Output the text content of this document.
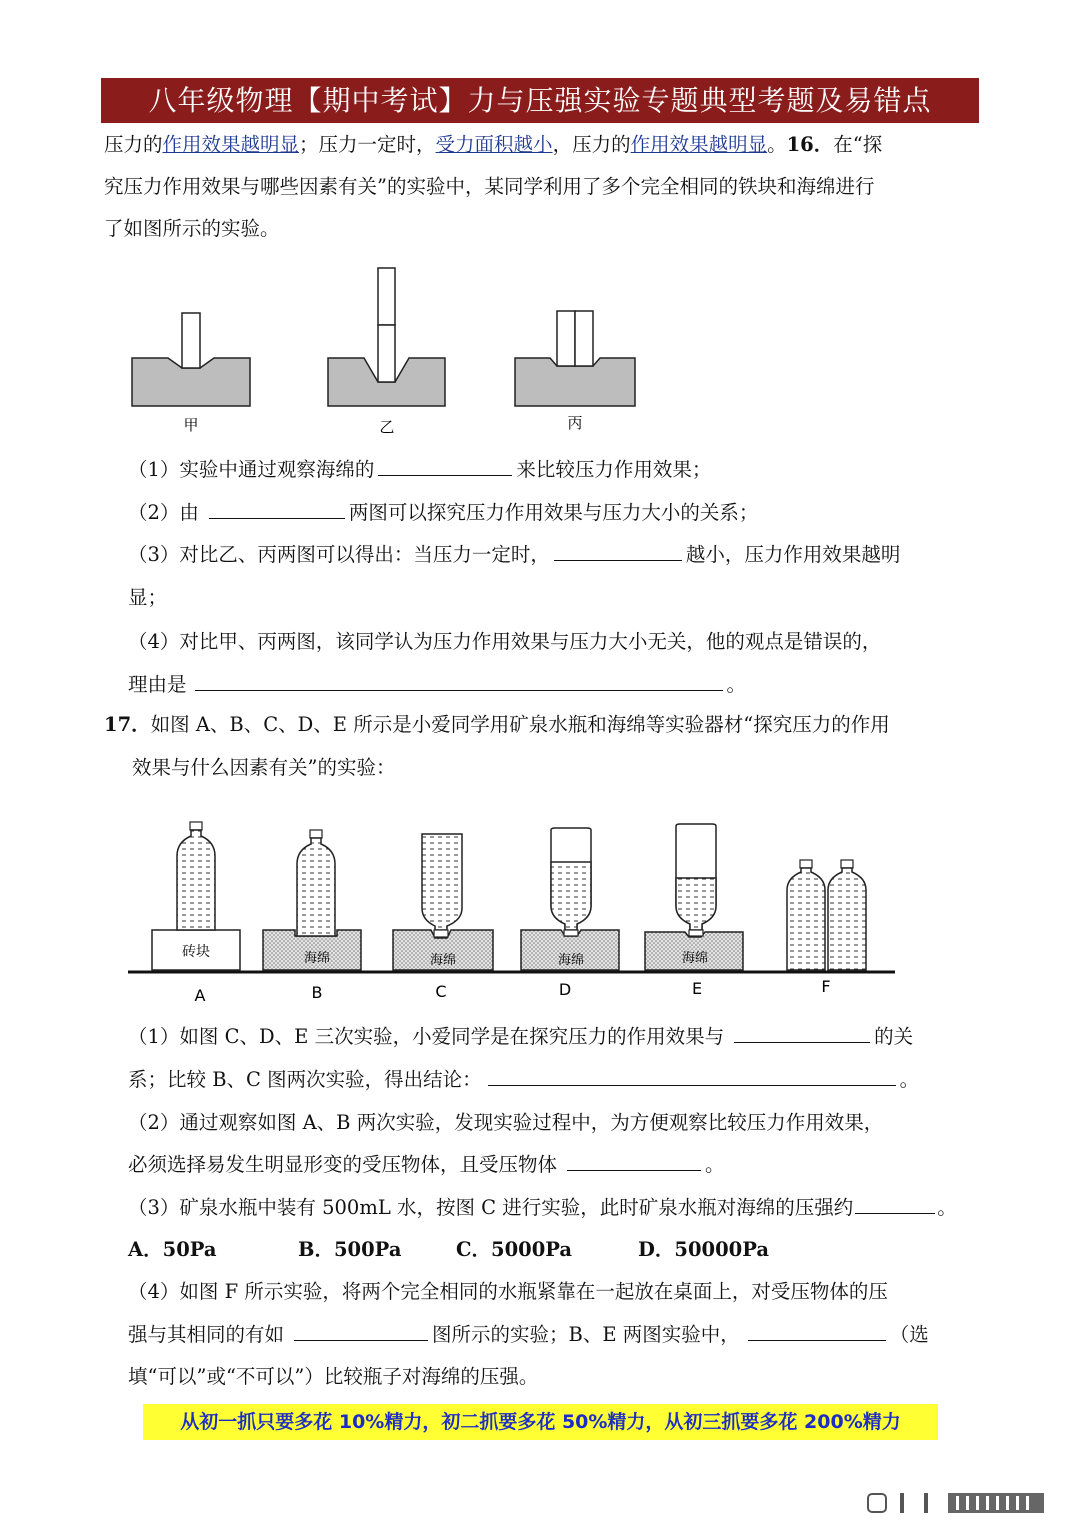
八年级物理【期中考试】力与压强实验专题典型考题及易错点
压力的作用效果越明显；压力一定时，受力面积越小，压力的作用效果越明显。16．在“探
究压力作用效果与哪些因素有关”的实验中，某同学利用了多个完全相同的铁块和海绵进行
了如图所示的实验。
甲	乙	丙
（1）实验中通过观察海绵的	来比较压力作用效果；
（2）由	两图可以探究压力作用效果与压力大小的关系；
（3）对比乙、丙两图可以得出：当压力一定时，	越小，压力作用效果越明
显；
（4）对比甲、丙两图，该同学认为压力作用效果与压力大小无关，他的观点是错误的，
理由是	。
17．如图 A、B、C、D、E 所示是小爱同学用矿泉水瓶和海绵等实验器材“探究压力的作用
效果与什么因素有关”的实验：
砖块	海绵	海绵	海绵	海绵
A	B	C	D	E	F
（1）如图 C、D、E 三次实验，小爱同学是在探究压力的作用效果与	的关
系；比较 B、C 图两次实验，得出结论：	。
（2）通过观察如图 A、B 两次实验，发现实验过程中，为方便观察比较压力作用效果，
必须选择易发生明显形变的受压物体，且受压物体	。
（3）矿泉水瓶中装有 500mL 水，按图 C 进行实验，此时矿泉水瓶对海绵的压强约	。
A．50Pa	B．500Pa	C．5000Pa	D．50000Pa
（4）如图 F 所示实验，将两个完全相同的水瓶紧靠在一起放在桌面上，对受压物体的压
强与其相同的有如	图所示的实验；B、E 两图实验中，	（选
填“可以”或“不可以”）比较瓶子对海绵的压强。
从初一抓只要多花 10%精力，初二抓要多花 50%精力，从初三抓要多花 200%精力
